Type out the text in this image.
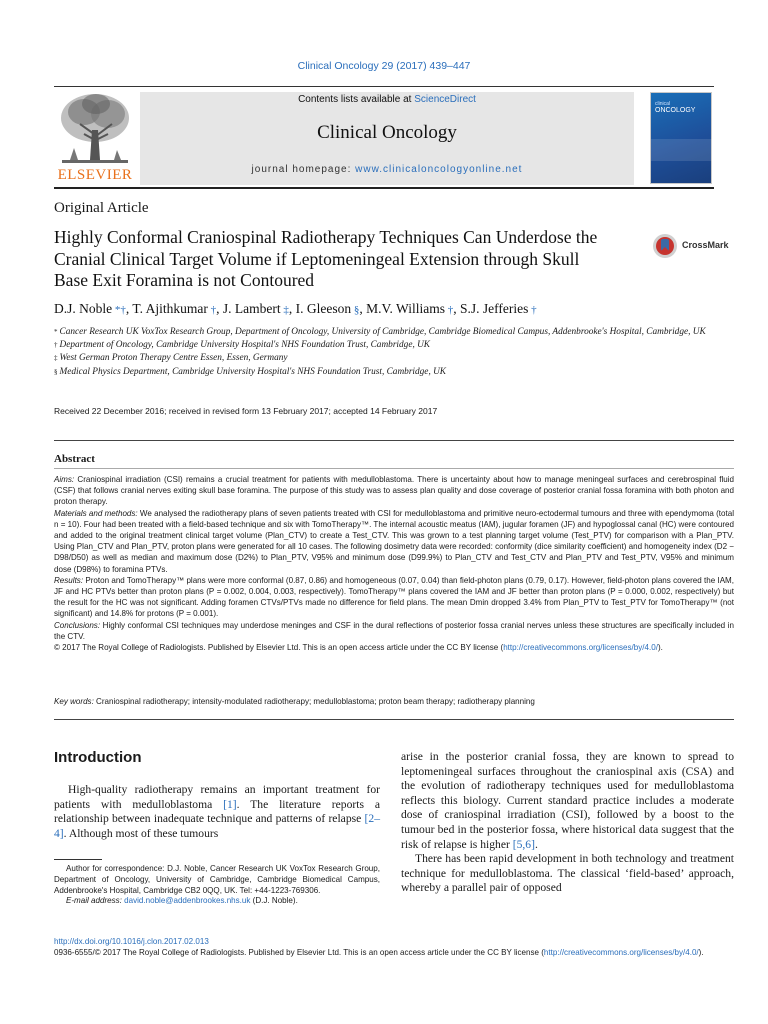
Clinical Oncology 29 (2017) 439–447
ELSEVIER
Contents lists available at ScienceDirect
Clinical Oncology
journal homepage: www.clinicaloncologyonline.net
clinical
ONCOLOGY
Original Article
Highly Conformal Craniospinal Radiotherapy Techniques Can Underdose the Cranial Clinical Target Volume if Leptomeningeal Extension through Skull Base Exit Foramina is not Contoured
CrossMark
D.J. Noble *†, T. Ajithkumar †, J. Lambert ‡, I. Gleeson §, M.V. Williams †, S.J. Jefferies †
* Cancer Research UK VoxTox Research Group, Department of Oncology, University of Cambridge, Cambridge Biomedical Campus, Addenbrooke's Hospital, Cambridge, UK
† Department of Oncology, Cambridge University Hospital's NHS Foundation Trust, Cambridge, UK
‡ West German Proton Therapy Centre Essen, Essen, Germany
§ Medical Physics Department, Cambridge University Hospital's NHS Foundation Trust, Cambridge, UK
Received 22 December 2016; received in revised form 13 February 2017; accepted 14 February 2017
Abstract

Aims: Craniospinal irradiation (CSI) remains a crucial treatment for patients with medulloblastoma. There is uncertainty about how to manage meningeal surfaces and cerebrospinal fluid (CSF) that follows cranial nerves exiting skull base foramina. The purpose of this study was to assess plan quality and dose coverage of posterior cranial fossa foramina with both photon and proton therapy.

Materials and methods: We analysed the radiotherapy plans of seven patients treated with CSI for medulloblastoma and primitive neuro-ectodermal tumours and three with ependymoma (total n = 10). Four had been treated with a field-based technique and six with TomoTherapy™. The internal acoustic meatus (IAM), jugular foramen (JF) and hypoglossal canal (HC) were contoured and added to the original treatment clinical target volume (Plan_CTV) to create a Test_CTV. This was grown to a test planning target volume (Test_PTV) for comparison with a Plan_PTV. Using Plan_CTV and Plan_PTV, proton plans were generated for all 10 cases. The following dosimetry data were recorded: conformity (dice similarity coefficient) and homogeneity index (D2 − D98/D50) as well as median and maximum dose (D2%) to Plan_PTV, V95% and minimum dose (D99.9%) to Plan_CTV and Test_CTV and Plan_PTV and Test_PTV, V95% and minimum dose (D98%) to foramina PTVs.

Results: Proton and TomoTherapy™ plans were more conformal (0.87, 0.86) and homogeneous (0.07, 0.04) than field-photon plans (0.79, 0.17). However, field-photon plans covered the IAM, JF and HC PTVs better than proton plans (P = 0.002, 0.004, 0.003, respectively). TomoTherapy™ plans covered the IAM and JF better than proton plans (P = 0.000, 0.002, respectively) but the result for the HC was not significant. Adding foramen CTVs/PTVs made no difference for field plans. The mean Dmin dropped 3.4% from Plan_PTV to Test_PTV for TomoTherapy™ (not significant) and 14.8% for protons (P = 0.001).

Conclusions: Highly conformal CSI techniques may underdose meninges and CSF in the dural reflections of posterior fossa cranial nerves unless these structures are specifically included in the CTV.

© 2017 The Royal College of Radiologists. Published by Elsevier Ltd. This is an open access article under the CC BY license (http://creativecommons.org/licenses/by/4.0/).

Key words: Craniospinal radiotherapy; intensity-modulated radiotherapy; medulloblastoma; proton beam therapy; radiotherapy planning
Introduction

High-quality radiotherapy remains an important treatment for patients with medulloblastoma [1]. The literature reports a relationship between inadequate technique and patterns of relapse [2–4]. Although most of these tumours

arise in the posterior cranial fossa, they are known to spread to leptomeningeal surfaces throughout the craniospinal axis (CSA) and the evolution of radiotherapy techniques used for medulloblastoma reflects this biology. Current standard practice includes a moderate dose of craniospinal irradiation (CSI), followed by a boost to the tumour bed in the posterior fossa, where historical data suggest that the risk of relapse is higher [5,6].

There has been rapid development in both technology and treatment technique for medulloblastoma. The classical ‘field-based’ approach, whereby a parallel pair of opposed

Author for correspondence: D.J. Noble, Cancer Research UK VoxTox Research Group, Department of Oncology, University of Cambridge, Cambridge Biomedical Campus, Addenbrooke's Hospital, Cambridge CB2 0QQ, UK. Tel: +44-1223-769306.

E-mail address: david.noble@addenbrookes.nhs.uk (D.J. Noble).

http://dx.doi.org/10.1016/j.clon.2017.02.013
0936-6555/© 2017 The Royal College of Radiologists. Published by Elsevier Ltd. This is an open access article under the CC BY license (http://creativecommons.org/licenses/by/4.0/).
